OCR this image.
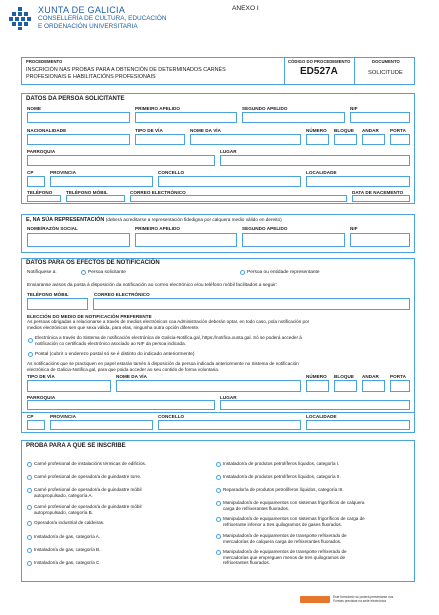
XUNTA DE GALICIA
CONSELLERÍA DE CULTURA, EDUCACIÓN
E ORDENACIÓN UNIVERSITARIA
ANEXO I
PROCEDEMENTO	CÓDIGO DO PROCEDEMENTO	DOCUMENTO
INSCRICIÓN NAS PROBAS PARA A OBTENCIÓN DE DETERMINADOS CARNÉS
PROFESIONAIS E HABILITACIÓNS PROFESIONAIS	ED527A	SOLICITUDE
DATOS DA PERSOA SOLICITANTE
NOME	PRIMEIRO APELIDO	SEGUNDO APELIDO	NIF
NACIONALIDADE	TIPO DE VÍA	NOME DA VÍA	NÚMERO BLOQUE ANDAR PORTA
PARROQUIA	LUGAR
CP	PROVINCIA	CONCELLO	LOCALIDADE
TELÉFONO	TELÉFONO MÓBIL	CORREO ELECTRÓNICO	DATA DE NACEMENTO
E, NA SÚA REPRESENTACIÓN (deberá acreditarse a representación fidedigna por calquera medio válido en dereito)
NOME/RAZÓN SOCIAL	PRIMEIRO APELIDO	SEGUNDO APELIDO	NIF
DATOS PARA OS EFECTOS DE NOTIFICACIÓN
Notifíquese a:	Persoa solicitante	Persoa ou entidade representante
Enviaranse avisos da posta á disposición da notificación ao correo electrónico e/ou teléfono móbil facilitados a seguir:
TELÉFONO MÓBIL	CORREO ELECTRÓNICO
ELECCIÓN DO MEDIO DE NOTIFICACIÓN PREFERENTE
As persoas obrigadas a relacionarse a través de medios electrónicos coa Administración deberán optar, en todo caso, pola notificación por
medios electrónicos sen que sexa válida, para elas, ningunha outra opción diferente.
Electrónica a través do Sistema de notificación electrónica de Galicia-Notifica.gal, https://notifica.xunta.gal. Só se poderá acceder á
notificación co certificado electrónico asociado ao NIF da persoa indicada.
Postal (cubrir o enderezo postal só se é distinto do indicado anteriormente)
As notificacións que se practiquen en papel estarán tamén á disposición da persoa indicada anteriormente no Sistema de notificación
electrónica de Galicia-Notifica.gal, para que poida acceder ao seu contido de forma voluntaria.
TIPO DE VÍA	NOME DA VÍA	NÚMERO BLOQUE ANDAR PORTA
PARROQUIA	LUGAR
CP	PROVINCIA	CONCELLO	LOCALIDADE
PROBA PARA A QUE SE INSCRIBE
Carné profesional de instalacións térmicas de edificios.
Carné profesional de operador/a de guindastre torre.
Carné profesional de operador/a de guindastre móbil
autopropulsado, categoría A.
Carné profesional de operador/a de guindastre móbil
autopropulsado, categoría B.
Operador/a industrial de caldeiras.
Instalador/a de gas, categoría A.
Instalador/a de gas, categoría B.
Instalador/a de gas, categoría C.
Instalador/a de produtos petrolíferos líquidos, categoría I.
Instalador/a de produtos petrolíferos líquidos, categoría II.
Reparador/a de produtos petrolíferos líquidos, categoría III.
Manipulador/a de equipamentos con sistemas frigoríficos de calquera
carga de refrixerantes fluorados.
Manipulador/a de equipamentos con sistemas frigoríficos de carga de
refrixerante inferior a tres quilogramos de gases fluorados.
Manipulador/a de equipamentos de transporte refrixerado de
mercadorías de calquera carga de refrixerantes fluorados.
Manipulador/a de equipamentos de transporte refrixerado de
mercadorías que empreguen menos de tres quilogramos de
refrixerantes fluorados.
Este formulario só poderá presentarse nos
Formas previstas na sede electrónica
